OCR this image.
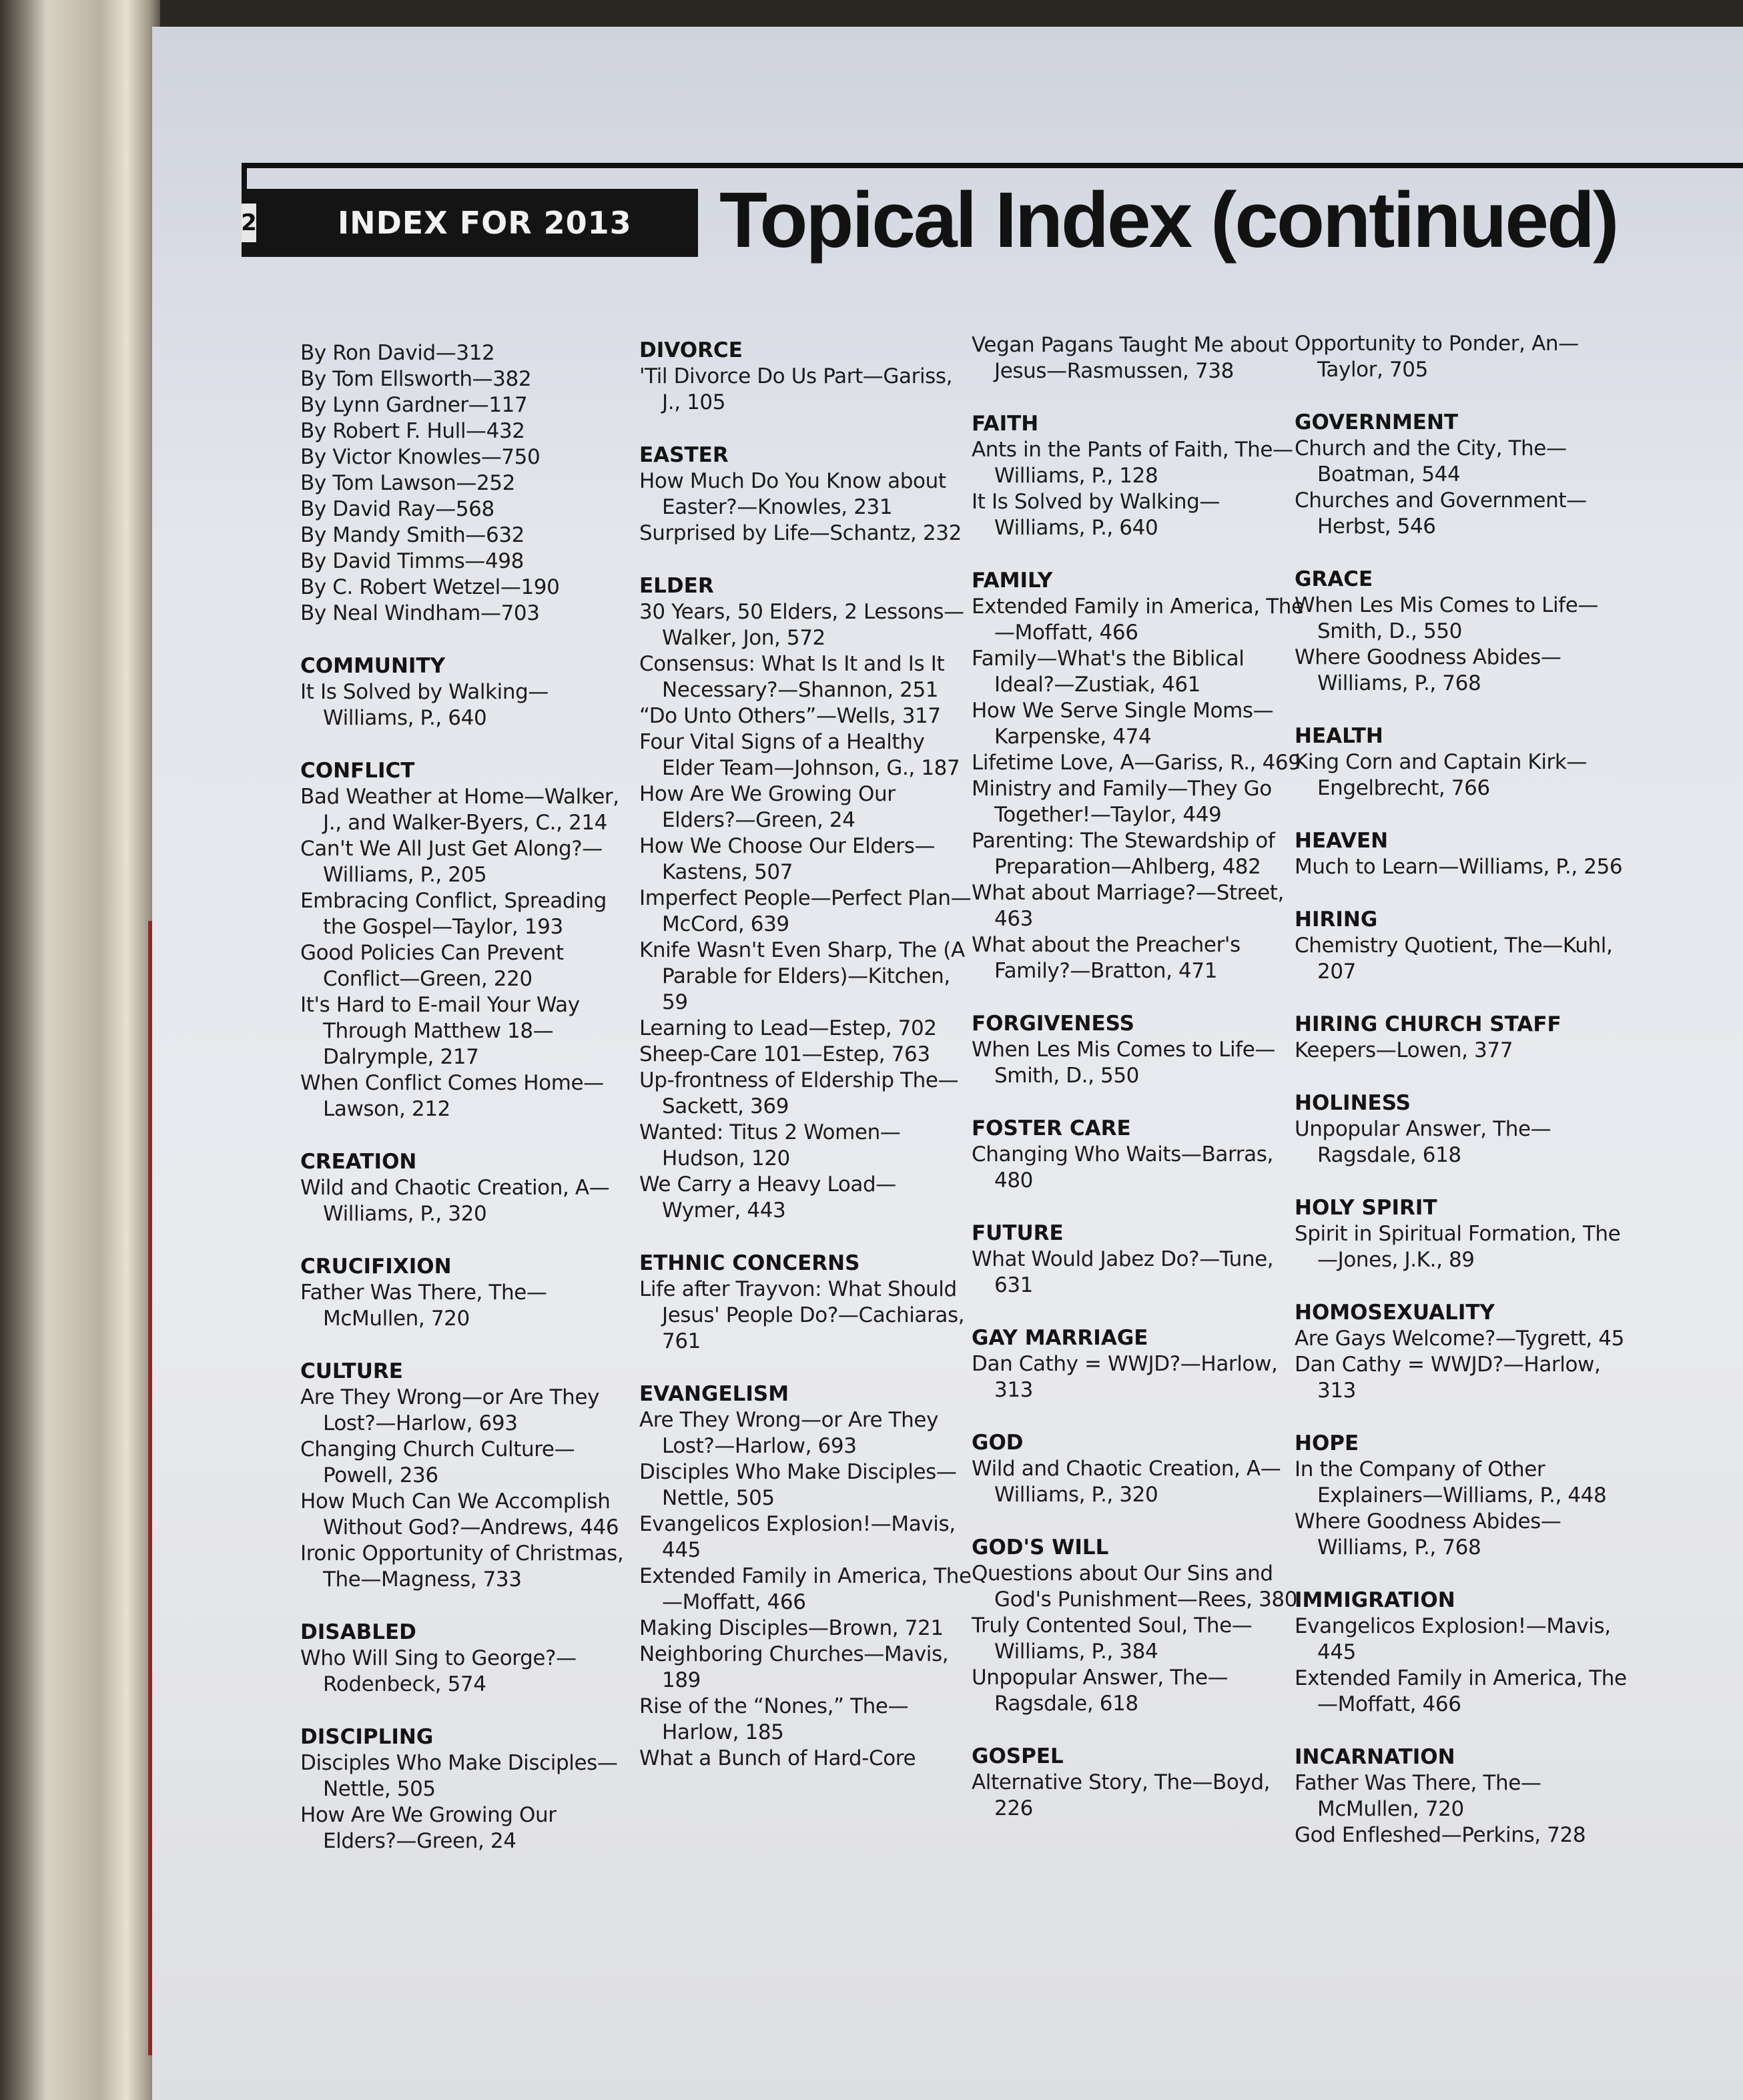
2	INDEX FOR 2013 Topical Index (continued)
By Ron David—312
By Tom Ellsworth—382
By Lynn Gardner—117
By Robert F. Hull—432
By Victor Knowles—750
By Tom Lawson—252
By David Ray—568
By Mandy Smith—632
By David Timms—498
By C. Robert Wetzel—190
By Neal Windham—703
COMMUNITY
It Is Solved by Walking—Williams, P., 640
CONFLICT
Bad Weather at Home—Walker, J., and Walker-Byers, C., 214
Can't We All Just Get Along?—Williams, P., 205
Embracing Conflict, Spreading the Gospel—Taylor, 193
Good Policies Can Prevent Conflict—Green, 220
It's Hard to E-mail Your Way Through Matthew 18—Dalrymple, 217
When Conflict Comes Home—Lawson, 212
CREATION
Wild and Chaotic Creation, A—Williams, P., 320
CRUCIFIXION
Father Was There, The—McMullen, 720
CULTURE
Are They Wrong—or Are They Lost?—Harlow, 693
Changing Church Culture—Powell, 236
How Much Can We Accomplish Without God?—Andrews, 446
Ironic Opportunity of Christmas, The—Magness, 733
DISABLED
Who Will Sing to George?—Rodenbeck, 574
DISCIPLING
Disciples Who Make Disciples—Nettle, 505
How Are We Growing Our Elders?—Green, 24
DIVORCE
'Til Divorce Do Us Part—Gariss, J., 105
EASTER
How Much Do You Know about Easter?—Knowles, 231
Surprised by Life—Schantz, 232
ELDER
30 Years, 50 Elders, 2 Lessons—Walker, Jon, 572
Consensus: What Is It and Is It Necessary?—Shannon, 251
“Do Unto Others”—Wells, 317
Four Vital Signs of a Healthy Elder Team—Johnson, G., 187
How Are We Growing Our Elders?—Green, 24
How We Choose Our Elders—Kastens, 507
Imperfect People—Perfect Plan—McCord, 639
Knife Wasn't Even Sharp, The (A Parable for Elders)—Kitchen, 59
Learning to Lead—Estep, 702
Sheep-Care 101—Estep, 763
Up-frontness of Eldership The—Sackett, 369
Wanted: Titus 2 Women—Hudson, 120
We Carry a Heavy Load—Wymer, 443
ETHNIC CONCERNS
Life after Trayvon: What Should Jesus' People Do?—Cachiaras, 761
EVANGELISM
Are They Wrong—or Are They Lost?—Harlow, 693
Disciples Who Make Disciples—Nettle, 505
Evangelicos Explosion!—Mavis, 445
Extended Family in America, The—Moffatt, 466
Making Disciples—Brown, 721
Neighboring Churches—Mavis, 189
Rise of the “Nones,” The—Harlow, 185
What a Bunch of Hard-Core
Vegan Pagans Taught Me about Jesus—Rasmussen, 738
FAITH
Ants in the Pants of Faith, The—Williams, P., 128
It Is Solved by Walking—Williams, P., 640
FAMILY
Extended Family in America, The—Moffatt, 466
Family—What's the Biblical Ideal?—Zustiak, 461
How We Serve Single Moms—Karpenske, 474
Lifetime Love, A—Gariss, R., 469
Ministry and Family—They Go Together!—Taylor, 449
Parenting: The Stewardship of Preparation—Ahlberg, 482
What about Marriage?—Street, 463
What about the Preacher's Family?—Bratton, 471
FORGIVENESS
When Les Mis Comes to Life—Smith, D., 550
FOSTER CARE
Changing Who Waits—Barras, 480
FUTURE
What Would Jabez Do?—Tune, 631
GAY MARRIAGE
Dan Cathy = WWJD?—Harlow, 313
GOD
Wild and Chaotic Creation, A—Williams, P., 320
GOD'S WILL
Questions about Our Sins and God's Punishment—Rees, 380
Truly Contented Soul, The—Williams, P., 384
Unpopular Answer, The—Ragsdale, 618
GOSPEL
Alternative Story, The—Boyd, 226
Opportunity to Ponder, An—Taylor, 705
GOVERNMENT
Church and the City, The—Boatman, 544
Churches and Government—Herbst, 546
GRACE
When Les Mis Comes to Life—Smith, D., 550
Where Goodness Abides—Williams, P., 768
HEALTH
King Corn and Captain Kirk—Engelbrecht, 766
HEAVEN
Much to Learn—Williams, P., 256
HIRING
Chemistry Quotient, The—Kuhl, 207
HIRING CHURCH STAFF
Keepers—Lowen, 377
HOLINESS
Unpopular Answer, The—Ragsdale, 618
HOLY SPIRIT
Spirit in Spiritual Formation, The—Jones, J.K., 89
HOMOSEXUALITY
Are Gays Welcome?—Tygrett, 45
Dan Cathy = WWJD?—Harlow, 313
HOPE
In the Company of Other Explainers—Williams, P., 448
Where Goodness Abides—Williams, P., 768
IMMIGRATION
Evangelicos Explosion!—Mavis, 445
Extended Family in America, The—Moffatt, 466
INCARNATION
Father Was There, The—McMullen, 720
God Enfleshed—Perkins, 728
